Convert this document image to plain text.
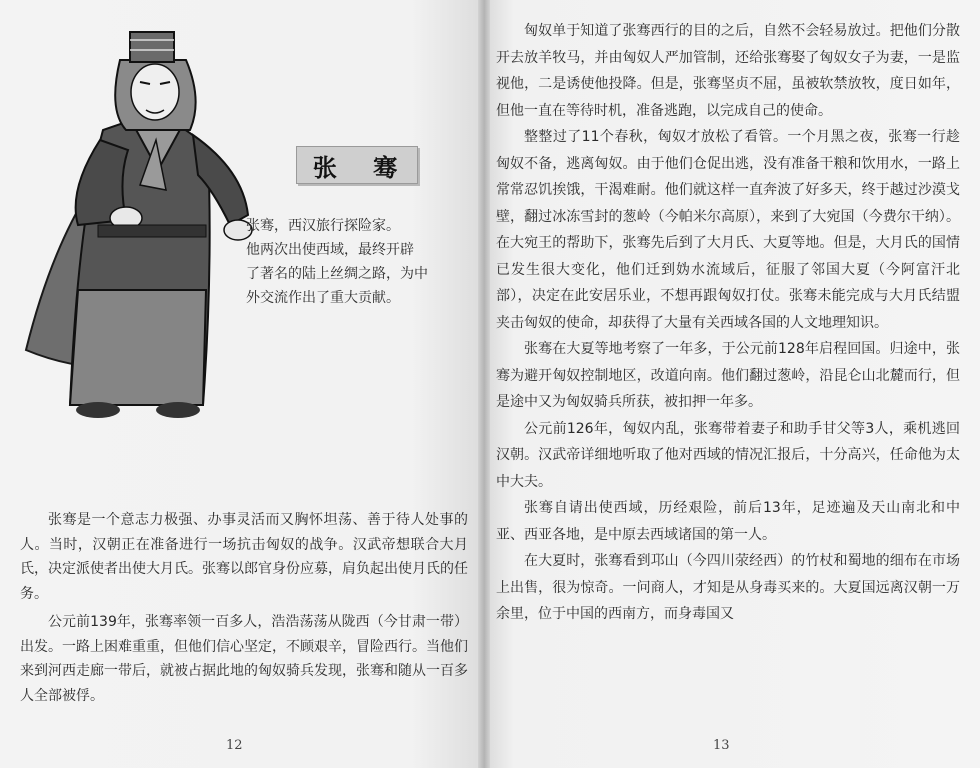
张 骞

张骞，西汉旅行探险家。

他两次出使西域，最终开辟

了著名的陆上丝绸之路，为中

外交流作出了重大贡献。

张骞是一个意志力极强、办事灵活而又胸怀坦荡、善于待人处事的人。当时，汉朝正在准备进行一场抗击匈奴的战争。汉武帝想联合大月氏，决定派使者出使大月氏。张骞以郎官身份应募，肩负起出使月氏的任务。

公元前139年，张骞率领一百多人，浩浩荡荡从陇西（今甘肃一带）出发。一路上困难重重，但他们信心坚定，不顾艰辛，冒险西行。当他们来到河西走廊一带后，就被占据此地的匈奴骑兵发现，张骞和随从一百多人全部被俘。

12

匈奴单于知道了张骞西行的目的之后，自然不会轻易放过。把他们分散开去放羊牧马，并由匈奴人严加管制，还给张骞娶了匈奴女子为妻，一是监视他，二是诱使他投降。但是，张骞坚贞不屈，虽被软禁放牧，度日如年，但他一直在等待时机，准备逃跑，以完成自己的使命。

整整过了11个春秋，匈奴才放松了看管。一个月黑之夜，张骞一行趁匈奴不备，逃离匈奴。由于他们仓促出逃，没有准备干粮和饮用水，一路上常常忍饥挨饿，干渴难耐。他们就这样一直奔波了好多天，终于越过沙漠戈壁，翻过冰冻雪封的葱岭（今帕米尔高原），来到了大宛国（今费尔干纳）。在大宛王的帮助下，张骞先后到了大月氏、大夏等地。但是，大月氏的国情已发生很大变化，他们迁到妫水流域后，征服了邻国大夏（今阿富汗北部），决定在此安居乐业，不想再跟匈奴打仗。张骞未能完成与大月氏结盟夹击匈奴的使命，却获得了大量有关西域各国的人文地理知识。

张骞在大夏等地考察了一年多，于公元前128年启程回国。归途中，张骞为避开匈奴控制地区，改道向南。他们翻过葱岭，沿昆仑山北麓而行，但是途中又为匈奴骑兵所获，被扣押一年多。

公元前126年，匈奴内乱，张骞带着妻子和助手甘父等3人，乘机逃回汉朝。汉武帝详细地听取了他对西域的情况汇报后，十分高兴，任命他为太中大夫。

张骞自请出使西域，历经艰险，前后13年，足迹遍及天山南北和中亚、西亚各地，是中原去西域诸国的第一人。

在大夏时，张骞看到邛山（今四川荥经西）的竹杖和蜀地的细布在市场上出售，很为惊奇。一问商人，才知是从身毒买来的。大夏国远离汉朝一万余里，位于中国的西南方，而身毒国又

13
